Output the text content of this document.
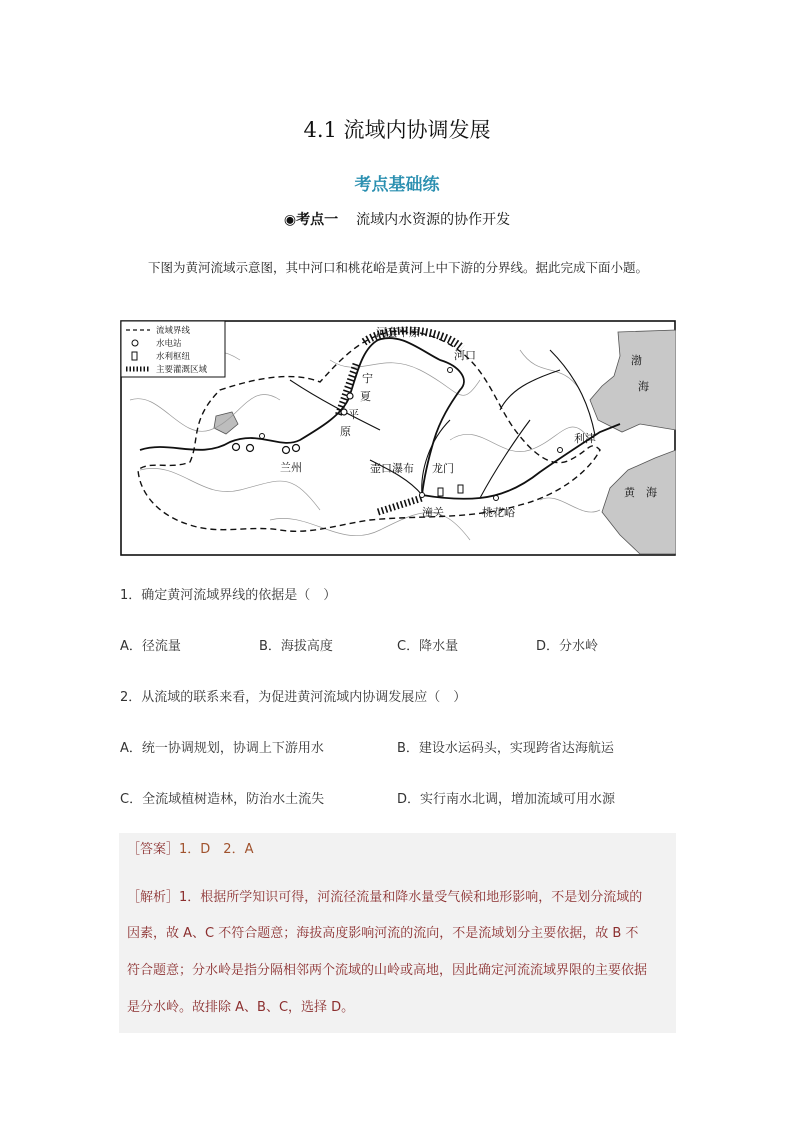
4.1 流域内协调发展
考点基础练
◉考点一 流域内水资源的协作开发
下图为黄河流域示意图，其中河口和桃花峪是黄河上中下游的分界线。据此完成下面小题。
流域界线
水电站
水利枢纽
主要灌溉区域
河套平原
河口	渤
海
宁
夏
平
原
利津
兰州	壶口瀑布 龙门
黄　海
潼关	桃花峪
1．确定黄河流域界线的依据是（　）
A．径流量	B．海拔高度	C．降水量	D．分水岭
2．从流域的联系来看，为促进黄河流域内协调发展应（　）
A．统一协调规划，协调上下游用水	B．建设水运码头，实现跨省达海航运
C．全流域植树造林，防治水土流失	D．实行南水北调，增加流域可用水源
［答案］1．D　2．A
［解析］1．根据所学知识可得，河流径流量和降水量受气候和地形影响，不是划分流域的
因素，故 A、C 不符合题意；海拔高度影响河流的流向，不是流域划分主要依据，故 B 不
符合题意；分水岭是指分隔相邻两个流域的山岭或高地，因此确定河流流域界限的主要依据
是分水岭。故排除 A、B、C，选择 D。
